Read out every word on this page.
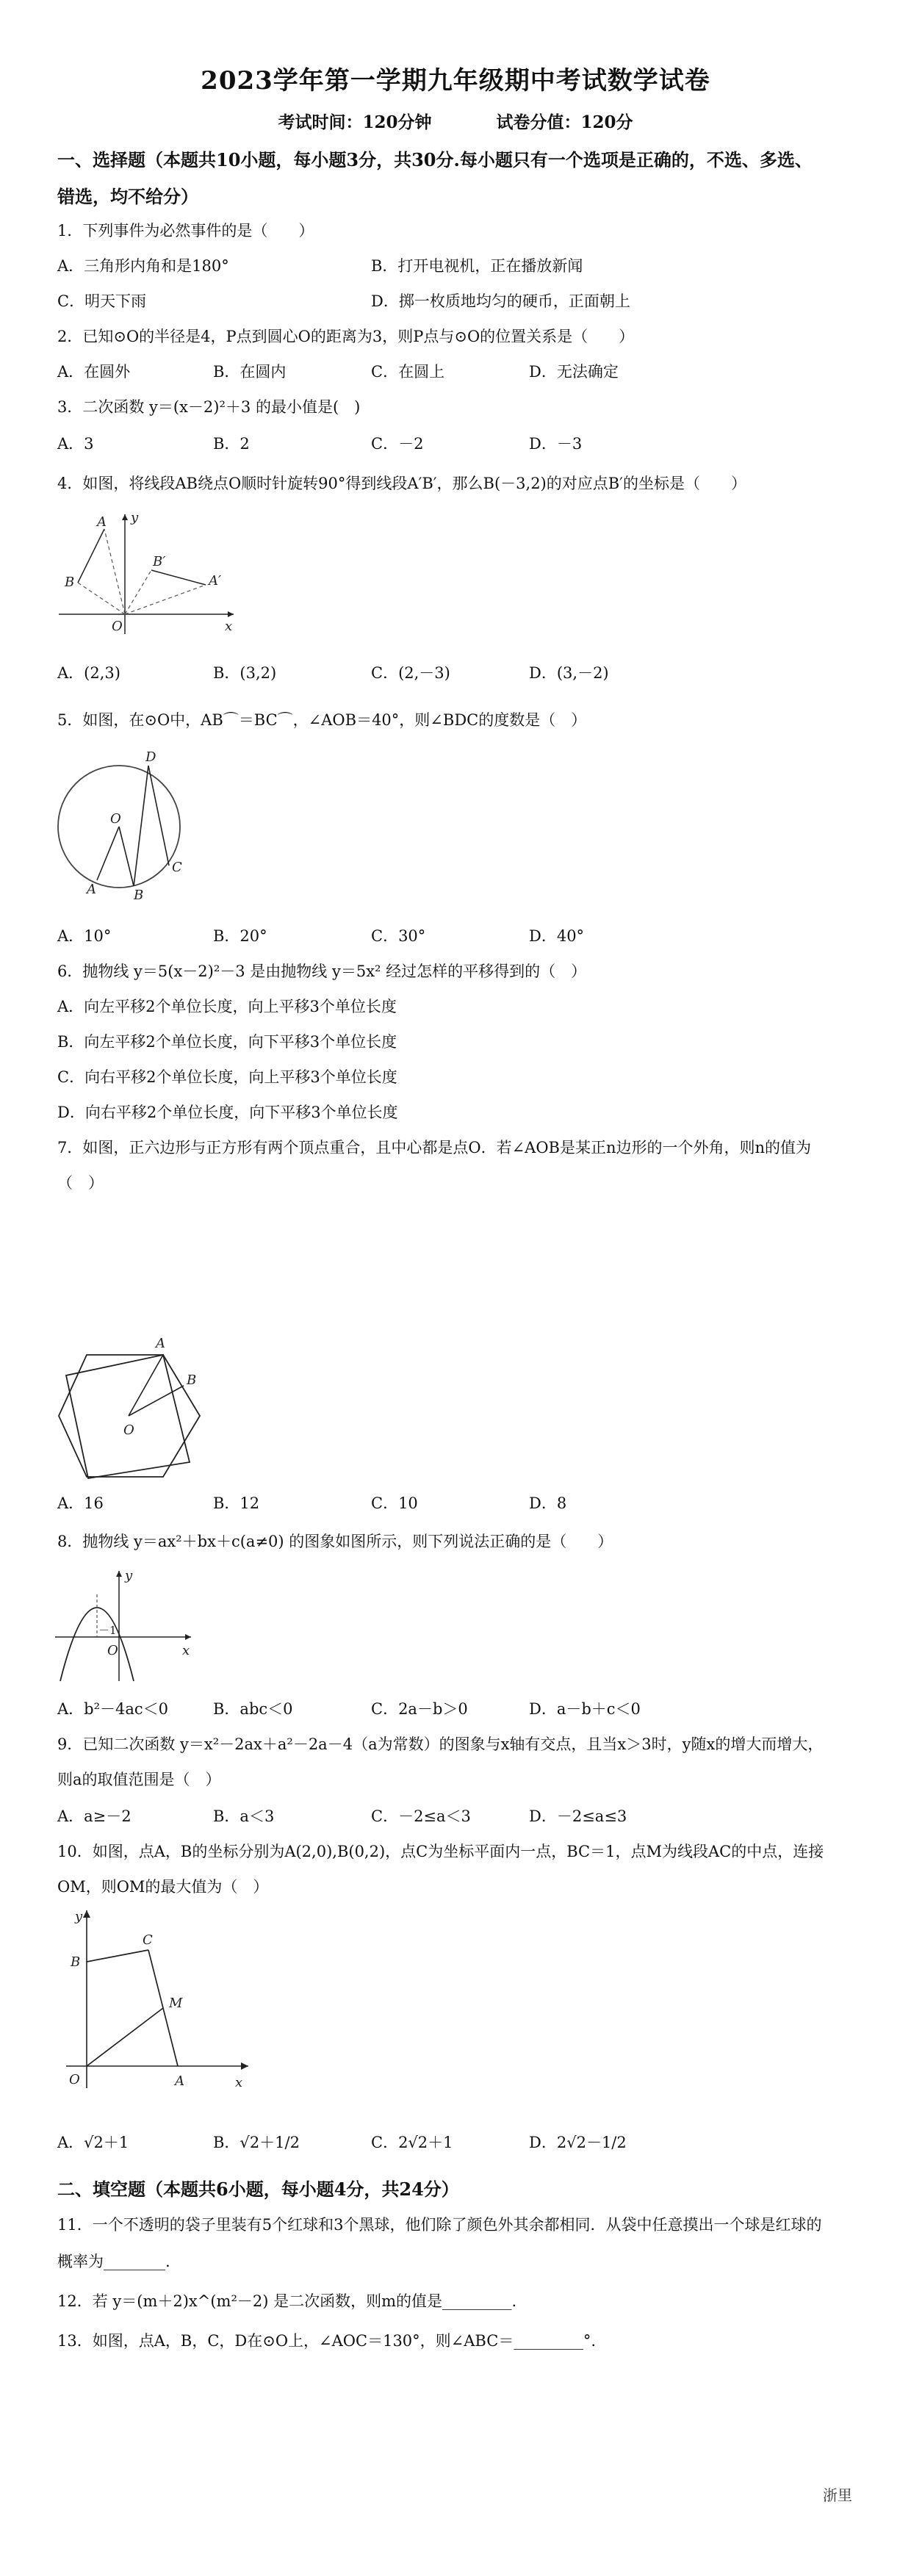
2023学年第一学期九年级期中考试数学试卷
考试时间：120分钟	试卷分值：120分
一、选择题（本题共10小题，每小题3分，共30分.每小题只有一个选项是正确的，不选、多选、
错选，均不给分）
1．下列事件为必然事件的是（　　）
A．三角形内角和是180°	B．打开电视机，正在播放新闻
C．明天下雨	D．掷一枚质地均匀的硬币，正面朝上
2．已知⊙O的半径是4，P点到圆心O的距离为3，则P点与⊙O的位置关系是（　　）
A．在圆外	B．在圆内	C．在圆上	D．无法确定
3．二次函数 y＝(x－2)²＋3 的最小值是(　)
A．3	B．2	C．－2	D．－3
4．如图，将线段AB绕点O顺时针旋转90°得到线段A′B′，那么B(－3,2)的对应点B′的坐标是（　　）
y
x
O
A
B
B′
A′
A．(2,3)	B．(3,2)	C．(2,－3)	D．(3,－2)
5．如图，在⊙O中，AB⌒＝BC⌒，∠AOB＝40°，则∠BDC的度数是（　）
D
O
A	B
C
A．10°	B．20°	C．30°	D．40°
6．抛物线 y＝5(x－2)²－3 是由抛物线 y＝5x² 经过怎样的平移得到的（　）
A．向左平移2个单位长度，向上平移3个单位长度
B．向左平移2个单位长度，向下平移3个单位长度
C．向右平移2个单位长度，向上平移3个单位长度
D．向右平移2个单位长度，向下平移3个单位长度
7．如图，正六边形与正方形有两个顶点重合，且中心都是点O．若∠AOB是某正n边形的一个外角，则n的值为
（　）
A
B
O
A．16	B．12	C．10	D．8
8．抛物线 y＝ax²＋bx＋c(a≠0) 的图象如图所示，则下列说法正确的是（　　）
y
x
O
－1
A．b²－4ac＜0	B．abc＜0	C．2a－b＞0	D．a－b＋c＜0
9．已知二次函数 y＝x²－2ax＋a²－2a－4（a为常数）的图象与x轴有交点，且当x＞3时，y随x的增大而增大，
则a的取值范围是（　）
A．a≥－2	B．a＜3	C．－2≤a＜3	D．－2≤a≤3
10．如图，点A，B的坐标分别为A(2,0),B(0,2)，点C为坐标平面内一点，BC＝1，点M为线段AC的中点，连接
OM，则OM的最大值为（　）
y
x
O	A
B
C
M
A．√2＋1	B．√2＋1/2	C．2√2＋1	D．2√2－1/2
二、填空题（本题共6小题，每小题4分，共24分）
11．一个不透明的袋子里装有5个红球和3个黑球，他们除了颜色外其余都相同．从袋中任意摸出一个球是红球的
概率为________.
12．若 y＝(m＋2)x^(m²－2) 是二次函数，则m的值是_________.
13．如图，点A，B，C，D在⊙O上，∠AOC＝130°，则∠ABC＝_________°.
浙里
